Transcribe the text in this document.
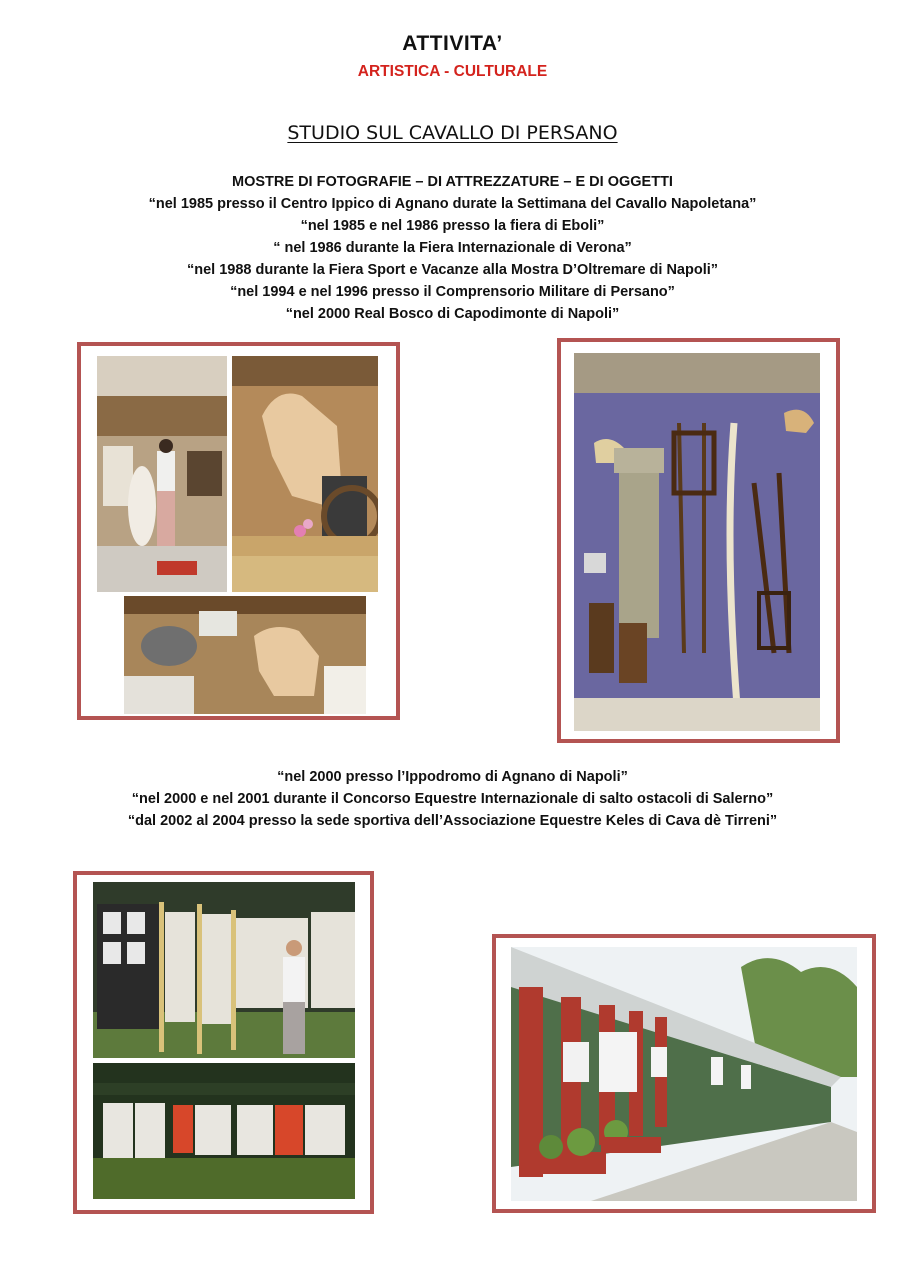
ATTIVITA’
ARTISTICA - CULTURALE
STUDIO SUL CAVALLO DI PERSANO
MOSTRE DI FOTOGRAFIE – DI ATTREZZATURE – E DI OGGETTI
“nel 1985 presso il Centro Ippico di Agnano durate la Settimana del Cavallo Napoletana”
“nel 1985 e nel 1986 presso la fiera di Eboli”
“ nel 1986 durante la Fiera Internazionale di Verona”
“nel 1988 durante la Fiera Sport e Vacanze alla Mostra D’Oltremare di Napoli”
“nel 1994 e nel 1996 presso il Comprensorio Militare di Persano”
“nel 2000 Real Bosco di Capodimonte di Napoli”
“nel 2000 presso l’Ippodromo di Agnano di Napoli”
“nel 2000 e nel 2001 durante il Concorso Equestre Internazionale di salto ostacoli di Salerno”
“dal 2002 al 2004 presso la sede sportiva dell’Associazione Equestre Keles di Cava dè Tirreni”
